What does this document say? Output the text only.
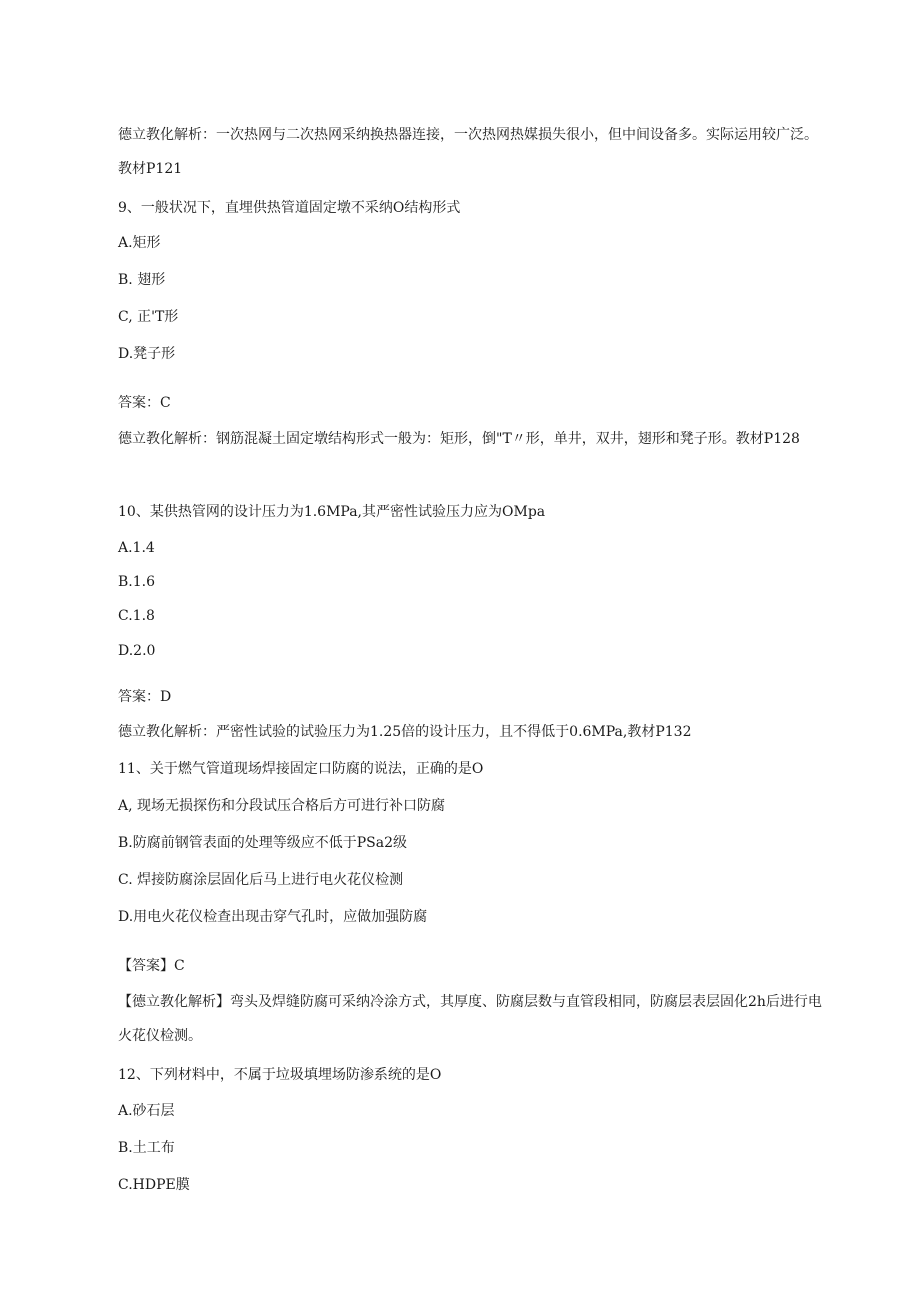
德立教化解析：一次热网与二次热网采纳换热器连接，一次热网热媒损失很小，但中间设备多。实际运用较广泛。教材P121
9、一般状况下，直埋供热管道固定墩不采纳O结构形式
A.矩形
B. 翅形
C, 正'T形
D.凳子形
答案：C
德立教化解析：钢筋混凝土固定墩结构形式一般为：矩形，倒"T〃形，单井，双井，翅形和凳子形。教材P128
10、某供热管网的设计压力为1.6MPa,其严密性试验压力应为OMpa
A.1.4
B.1.6
C.1.8
D.2.0
答案：D
德立教化解析：严密性试验的试验压力为1.25倍的设计压力，且不得低于0.6MPa,教材P132
11、关于燃气管道现场焊接固定口防腐的说法，正确的是O
A, 现场无损探伤和分段试压合格后方可进行补口防腐
B.防腐前钢管表面的处理等级应不低于PSa2级
C. 焊接防腐涂层固化后马上进行电火花仪检测
D.用电火花仪检查出现击穿气孔时，应做加强防腐
【答案】C
【德立教化解析】弯头及焊缝防腐可采纳冷涂方式，其厚度、防腐层数与直管段相同，防腐层表层固化2h后进行电火花仪检测。
12、下列材料中，不属于垃圾填埋场防渗系统的是O
A.砂石层
B.土工布
C.HDPE膜
